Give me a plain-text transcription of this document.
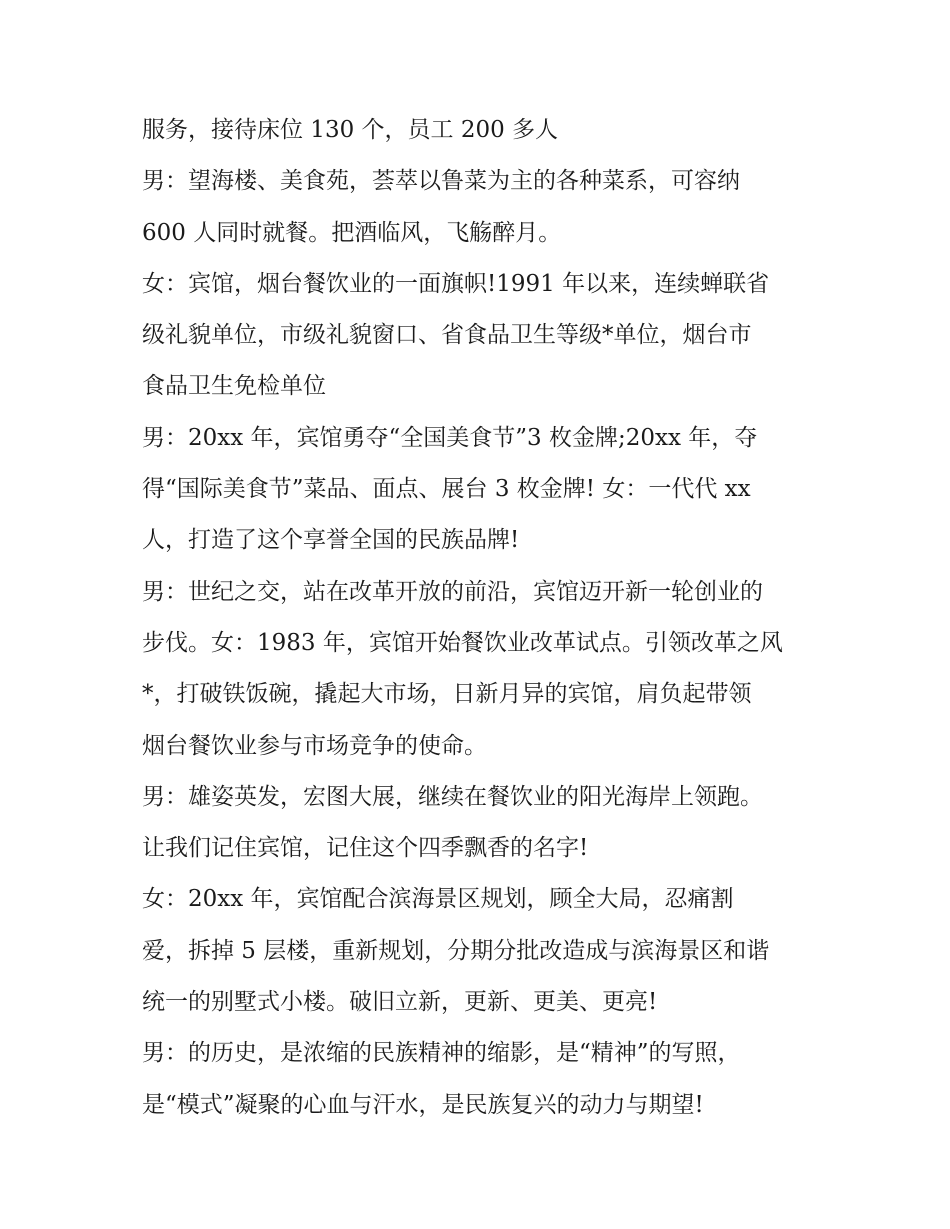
服务，接待床位 130 个，员工 200 多人
男：望海楼、美食苑，荟萃以鲁菜为主的各种菜系，可容纳
600 人同时就餐。把酒临风，飞觞醉月。
女：宾馆，烟台餐饮业的一面旗帜!1991 年以来，连续蝉联省
级礼貌单位，市级礼貌窗口、省食品卫生等级*单位，烟台市
食品卫生免检单位
男：20xx 年，宾馆勇夺“全国美食节”3 枚金牌;20xx 年，夺
得“国际美食节”菜品、面点、展台 3 枚金牌! 女：一代代 xx
人，打造了这个享誉全国的民族品牌!
男：世纪之交，站在改革开放的前沿，宾馆迈开新一轮创业的
步伐。女：1983 年，宾馆开始餐饮业改革试点。引领改革之风
*，打破铁饭碗，撬起大市场，日新月异的宾馆，肩负起带领
烟台餐饮业参与市场竞争的使命。
男：雄姿英发，宏图大展，继续在餐饮业的阳光海岸上领跑。
让我们记住宾馆，记住这个四季飘香的名字!
女：20xx 年，宾馆配合滨海景区规划，顾全大局，忍痛割
爱，拆掉 5 层楼，重新规划，分期分批改造成与滨海景区和谐
统一的别墅式小楼。破旧立新，更新、更美、更亮!
男：的历史，是浓缩的民族精神的缩影，是“精神”的写照，
是“模式”凝聚的心血与汗水，是民族复兴的动力与期望!
